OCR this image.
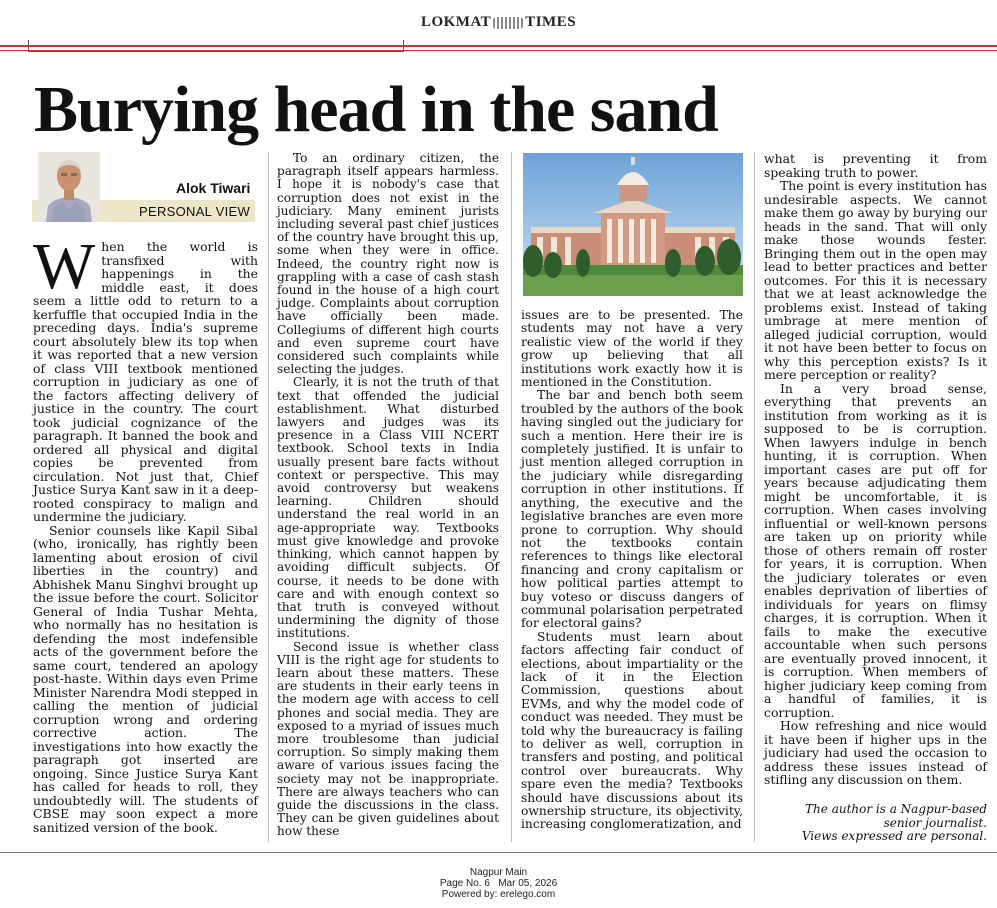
LOKMAT TIMES
Burying head in the sand
Alok Tiwari
PERSONAL VIEW

When the world is transfixed with happenings in the middle east, it does seem a little odd to return to a kerfuffle that occupied India in the preceding days. India's supreme court absolutely blew its top when it was reported that a new version of class VIII textbook mentioned corruption in judiciary as one of the factors affecting delivery of justice in the country. The court took judicial cognizance of the paragraph. It banned the book and ordered all physical and digital copies be prevented from circulation. Not just that, Chief Justice Surya Kant saw in it a deep-rooted conspiracy to malign and undermine the judiciary.

Senior counsels like Kapil Sibal (who, ironically, has rightly been lamenting about erosion of civil liberties in the country) and Abhishek Manu Singhvi brought up the issue before the court. Solicitor General of India Tushar Mehta, who normally has no hesitation is defending the most indefensible acts of the government before the same court, tendered an apology post-haste. Within days even Prime Minister Narendra Modi stepped in calling the mention of judicial corruption wrong and ordering corrective action. The investigations into how exactly the paragraph got inserted are ongoing. Since Justice Surya Kant has called for heads to roll, they undoubtedly will. The students of CBSE may soon expect a more sanitized version of the book.

To an ordinary citizen, the paragraph itself appears harmless. I hope it is nobody's case that corruption does not exist in the judiciary. Many eminent jurists including several past chief justices of the country have brought this up, some when they were in office. Indeed, the country right now is grappling with a case of cash stash found in the house of a high court judge. Complaints about corruption have officially been made. Collegiums of different high courts and even supreme court have considered such complaints while selecting the judges.

Clearly, it is not the truth of that text that offended the judicial establishment. What disturbed lawyers and judges was its presence in a Class VIII NCERT textbook. School texts in India usually present bare facts without context or perspective. This may avoid controversy but weakens learning. Children should understand the real world in an age-appropriate way. Textbooks must give knowledge and provoke thinking, which cannot happen by avoiding difficult subjects. Of course, it needs to be done with care and with enough context so that truth is conveyed without undermining the dignity of those institutions.

Second issue is whether class VIII is the right age for students to learn about these matters. These are students in their early teens in the modern age with access to cell phones and social media. They are exposed to a myriad of issues much more troublesome than judicial corruption. So simply making them aware of various issues facing the society may not be inappropriate. There are always teachers who can guide the discussions in the class. They can be given guidelines about how these

issues are to be presented. The students may not have a very realistic view of the world if they grow up believing that all institutions work exactly how it is mentioned in the Constitution.

The bar and bench both seem troubled by the authors of the book having singled out the judiciary for such a mention. Here their ire is completely justified. It is unfair to just mention alleged corruption in the judiciary while disregarding corruption in other institutions. If anything, the executive and the legislative branches are even more prone to corruption. Why should not the textbooks contain references to things like electoral financing and crony capitalism or how political parties attempt to buy voteso or discuss dangers of communal polarisation perpetrated for electoral gains?

Students must learn about factors affecting fair conduct of elections, about impartiality or the lack of it in the Election Commission, questions about EVMs, and why the model code of conduct was needed. They must be told why the bureaucracy is failing to deliver as well, corruption in transfers and posting, and political control over bureaucrats. Why spare even the media? Textbooks should have discussions about its ownership structure, its objectivity, increasing conglomeratization, and

what is preventing it from speaking truth to power.

The point is every institution has undesirable aspects. We cannot make them go away by burying our heads in the sand. That will only make those wounds fester. Bringing them out in the open may lead to better practices and better outcomes. For this it is necessary that we at least acknowledge the problems exist. Instead of taking umbrage at mere mention of alleged judicial corruption, would it not have been better to focus on why this perception exists? Is it mere perception or reality?

In a very broad sense, everything that prevents an institution from working as it is supposed to be is corruption. When lawyers indulge in bench hunting, it is corruption. When important cases are put off for years because adjudicating them might be uncomfortable, it is corruption. When cases involving influential or well-known persons are taken up on priority while those of others remain off roster for years, it is corruption. When the judiciary tolerates or even enables deprivation of liberties of individuals for years on flimsy charges, it is corruption. When it fails to make the executive accountable when such persons are eventually proved innocent, it is corruption. When members of higher judiciary keep coming from a handful of families, it is corruption.

How refreshing and nice would it have been if higher ups in the judiciary had used the occasion to address these issues instead of stifling any discussion on them.

The author is a Nagpur-based
senior journalist.
Views expressed are personal.
Nagpur Main
Page No. 6   Mar 05, 2026
Powered by: erelego.com
